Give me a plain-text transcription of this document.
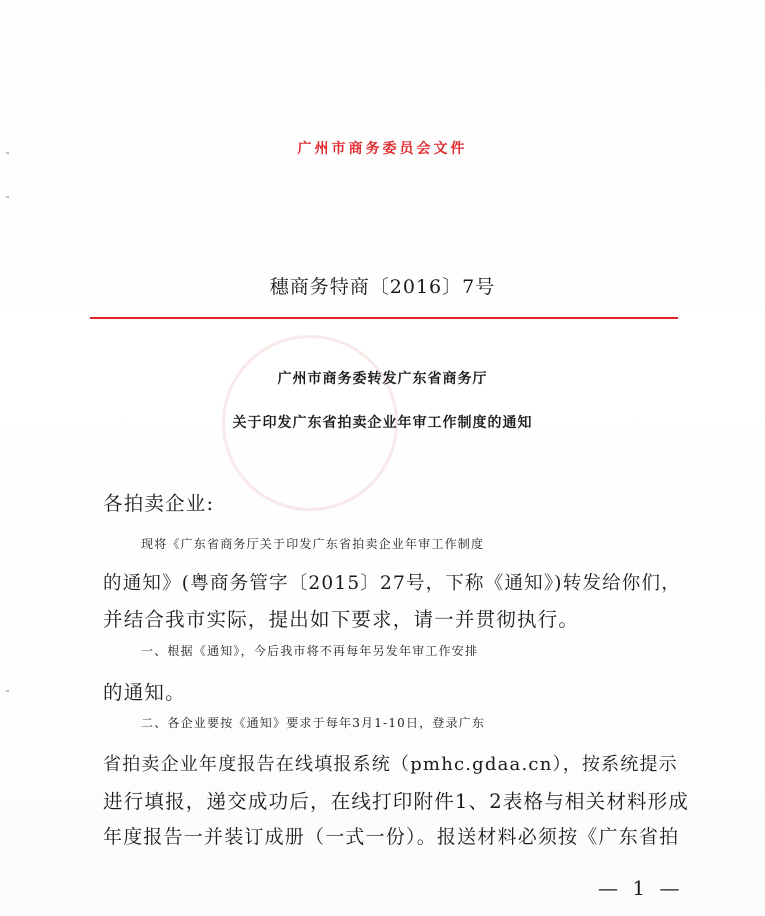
广州市商务委员会文件
穗商务特商〔2016〕7号
广州市商务委转发广东省商务厅
关于印发广东省拍卖企业年审工作制度的通知
各拍卖企业:
现将《广东省商务厅关于印发广东省拍卖企业年审工作制度
的通知》(粤商务管字〔2015〕27号，下称《通知》)转发给你们，
并结合我市实际，提出如下要求，请一并贯彻执行。
一、根据《通知》，今后我市将不再每年另发年审工作安排
的通知。
二、各企业要按《通知》要求于每年3月1-10日，登录广东
省拍卖企业年度报告在线填报系统（pmhc.gdaa.cn），按系统提示
进行填报，递交成功后，在线打印附件1、2表格与相关材料形成
年度报告一并装订成册（一式一份）。报送材料必须按《广东省拍
— 1 —
